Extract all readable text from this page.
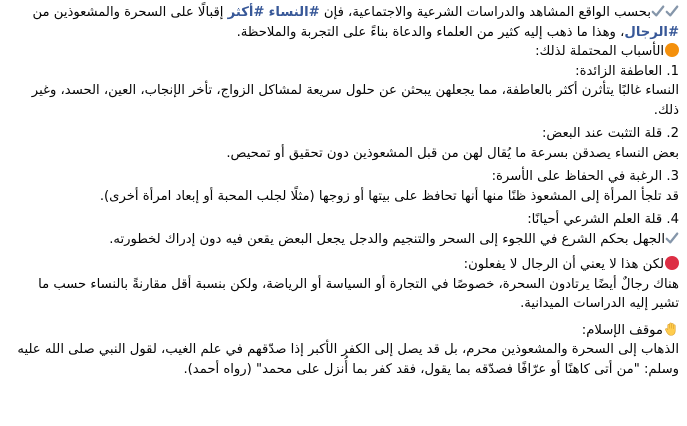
بحسب الواقع المشاهد والدراسات الشرعية والاجتماعية، فإن #النساء #أكثر إقبالًا على السحرة والمشعوذين من #الرجال، وهذا ما ذهب إليه كثير من العلماء والدعاة بناءً على التجربة والملاحظة.

الأسباب المحتملة لذلك:

1. العاطفة الزائدة:

النساء غالبًا يتأثرن أكثر بالعاطفة، مما يجعلهن يبحثن عن حلول سريعة لمشاكل الزواج، تأخر الإنجاب، العين، الحسد، وغير ذلك.

2. قلة التثبت عند البعض:

بعض النساء يصدقن بسرعة ما يُقال لهن من قبل المشعوذين دون تحقيق أو تمحيص.

3. الرغبة في الحفاظ على الأسرة:

قد تلجأ المرأة إلى المشعوذ ظنًا منها أنها تحافظ على بيتها أو زوجها (مثلًا لجلب المحبة أو إبعاد امرأة أخرى).

4. قلة العلم الشرعي أحيانًا:

الجهل بحكم الشرع في اللجوء إلى السحر والتنجيم والدجل يجعل البعض يقعن فيه دون إدراك لخطورته.

لكن هذا لا يعني أن الرجال لا يفعلون:

هناك رجالٌ أيضًا يرتادون السحرة، خصوصًا في التجارة أو السياسة أو الرياضة، ولكن بنسبة أقل مقارنةً بالنساء حسب ما تشير إليه الدراسات الميدانية.

موقف الإسلام:

الذهاب إلى السحرة والمشعوذين محرم، بل قد يصل إلى الكفر الأكبر إذا صدّقهم في علم الغيب، لقول النبي صلى الله عليه وسلم: "من أتى كاهنًا أو عرّافًا فصدّقه بما يقول، فقد كفر بما أُنزل على محمد" (رواه أحمد).
